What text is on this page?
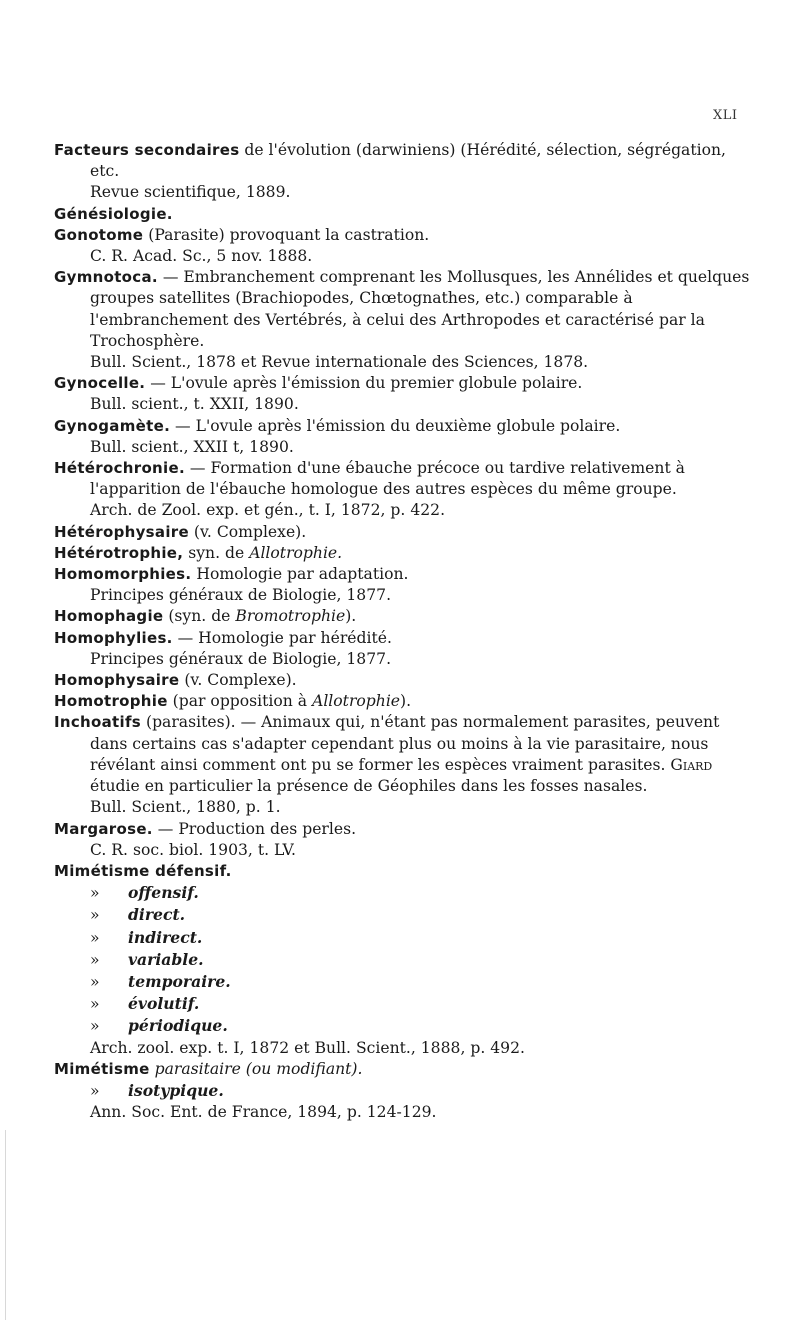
XLI

Facteurs secondaires de l'évolution (darwiniens) (Hérédité, sélection, ségrégation, etc.

Revue scientifique, 1889.

Génésiologie.

Gonotome (Parasite) provoquant la castration.

C. R. Acad. Sc., 5 nov. 1888.

Gymnotoca. — Embranchement comprenant les Mollusques, les Annélides et quelques groupes satellites (Brachiopodes, Chœtognathes, etc.) comparable à l'embranchement des Vertébrés, à celui des Arthropodes et caractérisé par la Trochosphère.

Bull. Scient., 1878 et Revue internationale des Sciences, 1878.

Gynocelle. — L'ovule après l'émission du premier globule polaire.

Bull. scient., t. XXII, 1890.

Gynogamète. — L'ovule après l'émission du deuxième globule polaire.

Bull. scient., XXII t, 1890.

Hétérochronie. — Formation d'une ébauche précoce ou tardive relativement à l'apparition de l'ébauche homologue des autres espèces du même groupe.

Arch. de Zool. exp. et gén., t. I, 1872, p. 422.

Hétérophysaire (v. Complexe).

Hétérotrophie, syn. de Allotrophie.

Homomorphies. Homologie par adaptation.

Principes généraux de Biologie, 1877.

Homophagie (syn. de Bromotrophie).

Homophylies. — Homologie par hérédité.

Principes généraux de Biologie, 1877.

Homophysaire (v. Complexe).

Homotrophie (par opposition à Allotrophie).

Inchoatifs (parasites). — Animaux qui, n'étant pas normalement parasites, peuvent dans certains cas s'adapter cependant plus ou moins à la vie parasitaire, nous révélant ainsi comment ont pu se former les espèces vraiment parasites. Giard étudie en particulier la présence de Géophiles dans les fosses nasales.

Bull. Scient., 1880, p. 1.

Margarose. — Production des perles.

C. R. soc. biol. 1903, t. LV.

Mimétisme défensif.

» offensif.

» direct.

» indirect.

» variable.

» temporaire.

» évolutif.

» périodique.

Arch. zool. exp. t. I, 1872 et Bull. Scient., 1888, p. 492.

Mimétisme parasitaire (ou modifiant).

» isotypique.

Ann. Soc. Ent. de France, 1894, p. 124-129.
